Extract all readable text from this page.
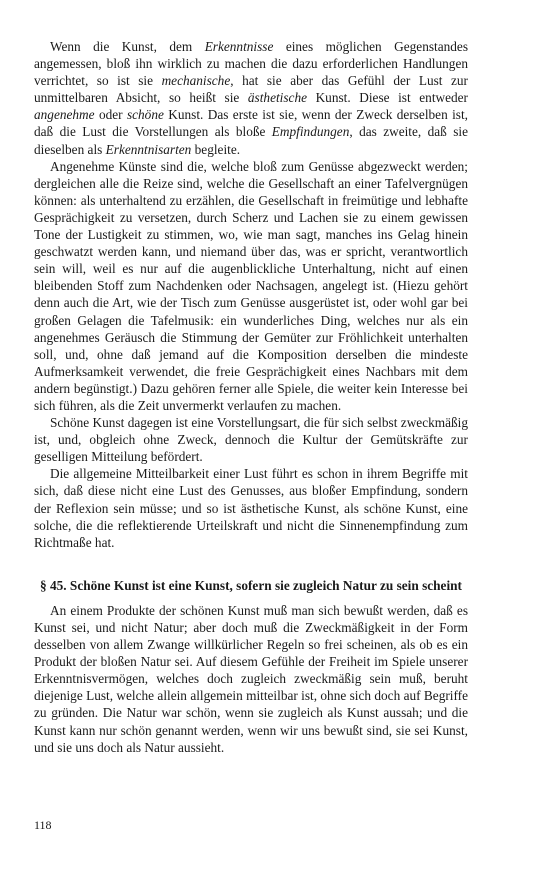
Wenn die Kunst, dem Erkenntnisse eines möglichen Gegenstandes angemessen, bloß ihn wirklich zu machen die dazu erforderlichen Handlungen verrichtet, so ist sie mechanische, hat sie aber das Gefühl der Lust zur unmittelbaren Absicht, so heißt sie ästhetische Kunst. Diese ist entweder angenehme oder schöne Kunst. Das erste ist sie, wenn der Zweck derselben ist, daß die Lust die Vorstellungen als bloße Empfindungen, das zweite, daß sie dieselben als Erkenntnisarten begleite.

Angenehme Künste sind die, welche bloß zum Genüsse abgezweckt werden; dergleichen alle die Reize sind, welche die Gesellschaft an einer Tafelvergnügen können: als unterhaltend zu erzählen, die Gesellschaft in freimütige und lebhafte Gesprächigkeit zu versetzen, durch Scherz und Lachen sie zu einem gewissen Tone der Lustigkeit zu stimmen, wo, wie man sagt, manches ins Gelag hinein geschwatzt werden kann, und niemand über das, was er spricht, verantwortlich sein will, weil es nur auf die augenblickliche Unterhaltung, nicht auf einen bleibenden Stoff zum Nachdenken oder Nachsagen, angelegt ist. (Hiezu gehört denn auch die Art, wie der Tisch zum Genüsse ausgerüstet ist, oder wohl gar bei großen Gelagen die Tafelmusik: ein wunderliches Ding, welches nur als ein angenehmes Geräusch die Stimmung der Gemüter zur Fröhlichkeit unterhalten soll, und, ohne daß jemand auf die Komposition derselben die mindeste Aufmerksamkeit verwendet, die freie Gesprächigkeit eines Nachbars mit dem andern begünstigt.) Dazu gehören ferner alle Spiele, die weiter kein Interesse bei sich führen, als die Zeit unvermerkt verlaufen zu machen.

Schöne Kunst dagegen ist eine Vorstellungsart, die für sich selbst zweckmäßig ist, und, obgleich ohne Zweck, dennoch die Kultur der Gemütskräfte zur geselligen Mitteilung befördert.

Die allgemeine Mitteilbarkeit einer Lust führt es schon in ihrem Begriffe mit sich, daß diese nicht eine Lust des Genusses, aus bloßer Empfindung, sondern der Reflexion sein müsse; und so ist ästhetische Kunst, als schöne Kunst, eine solche, die die reflektierende Urteilskraft und nicht die Sinnenempfindung zum Richtmaße hat.

§ 45. Schöne Kunst ist eine Kunst, sofern sie zugleich Natur zu sein scheint

An einem Produkte der schönen Kunst muß man sich bewußt werden, daß es Kunst sei, und nicht Natur; aber doch muß die Zweckmäßigkeit in der Form desselben von allem Zwange willkürlicher Regeln so frei scheinen, als ob es ein Produkt der bloßen Natur sei. Auf diesem Gefühle der Freiheit im Spiele unserer Erkenntnisvermögen, welches doch zugleich zweckmäßig sein muß, beruht diejenige Lust, welche allein allgemein mitteilbar ist, ohne sich doch auf Begriffe zu gründen. Die Natur war schön, wenn sie zugleich als Kunst aussah; und die Kunst kann nur schön genannt werden, wenn wir uns bewußt sind, sie sei Kunst, und sie uns doch als Natur aussieht.

118
